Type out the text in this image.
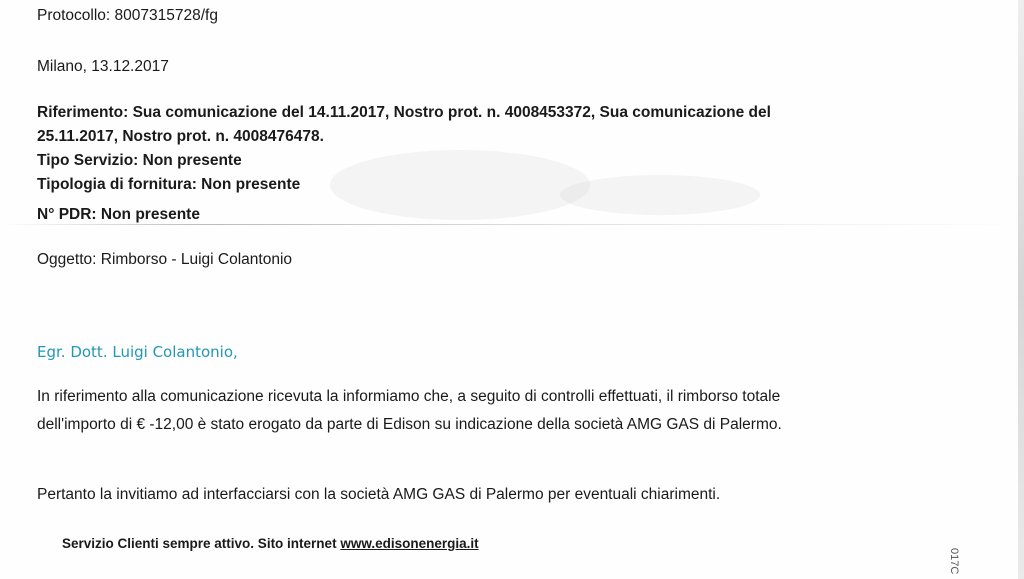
Protocollo: 8007315728/fg
Milano, 13.12.2017
Riferimento: Sua comunicazione del 14.11.2017, Nostro prot. n. 4008453372, Sua comunicazione del
25.11.2017, Nostro prot. n. 4008476478.
Tipo Servizio: Non presente
Tipologia di fornitura: Non presente
N° PDR: Non presente
Oggetto: Rimborso - Luigi Colantonio
Egr. Dott. Luigi Colantonio,
In riferimento alla comunicazione ricevuta la informiamo che, a seguito di controlli effettuati, il rimborso totale
dell'importo di € -12,00 è stato erogato da parte di Edison su indicazione della società AMG GAS di Palermo.
Pertanto la invitiamo ad interfacciarsi con la società AMG GAS di Palermo per eventuali chiarimenti.
Servizio Clienti sempre attivo. Sito internet www.edisonenergia.it
017C
